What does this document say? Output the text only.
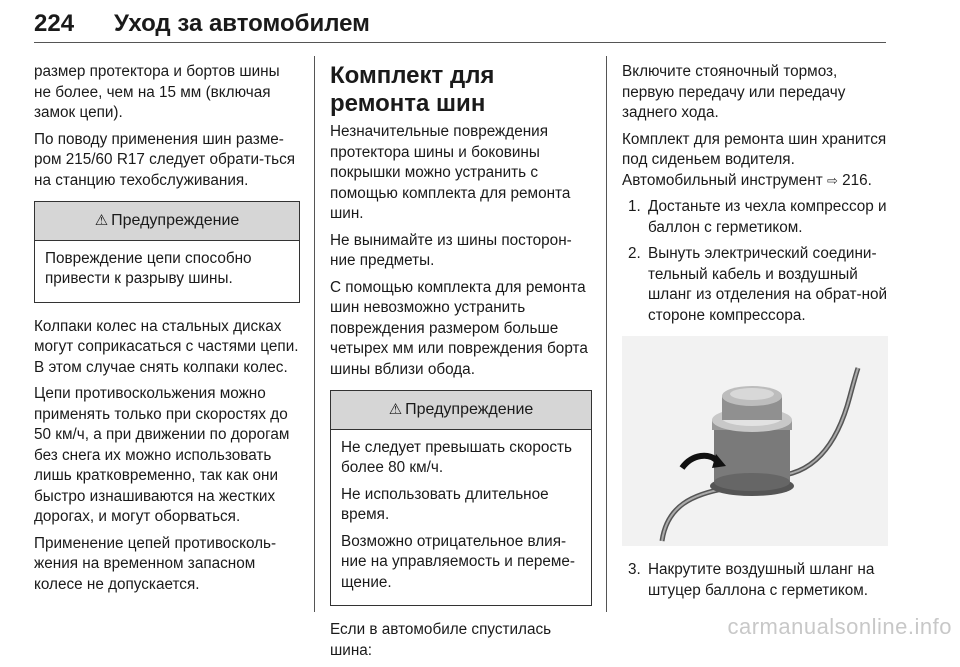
224 Уход за автомобилем

размер протектора и бортов шины не более, чем на 15 мм (включая замок цепи).

По поводу применения шин разме-ром 215/60 R17 следует обрати-ться на станцию техобслуживания.

⚠ Предупреждение

Повреждение цепи способно привести к разрыву шины.

Колпаки колес на стальных дисках могут соприкасаться с частями цепи. В этом случае снять колпаки колес.

Цепи противоскольжения можно применять только при скоростях до 50 км/ч, а при движении по дорогам без снега их можно использовать лишь кратковременно, так как они быстро изнашиваются на жестких дорогах, и могут оборваться.

Применение цепей противосколь-жения на временном запасном колесе не допускается.

Комплект для ремонта шин

Незначительные повреждения протектора шины и боковины покрышки можно устранить с помощью комплекта для ремонта шин.

Не вынимайте из шины посторон-ние предметы.

С помощью комплекта для ремонта шин невозможно устранить повреждения размером больше четырех мм или повреждения борта шины вблизи обода.

⚠ Предупреждение

Не следует превышать скорость более 80 км/ч.

Не использовать длительное время.

Возможно отрицательное влия-ние на управляемость и переме-щение.

Если в автомобиле спустилась шина:

Включите стояночный тормоз, первую передачу или передачу заднего хода.

Комплект для ремонта шин хранится под сиденьем водителя. Автомобильный инструмент ⇨ 216.

1. Достаньте из чехла компрессор и баллон с герметиком.
2. Вынуть электрический соедини-тельный кабель и воздушный шланг из отделения на обрат-ной стороне компрессора.
3. Накрутите воздушный шланг на штуцер баллона с герметиком.
carmanualsonline.info
